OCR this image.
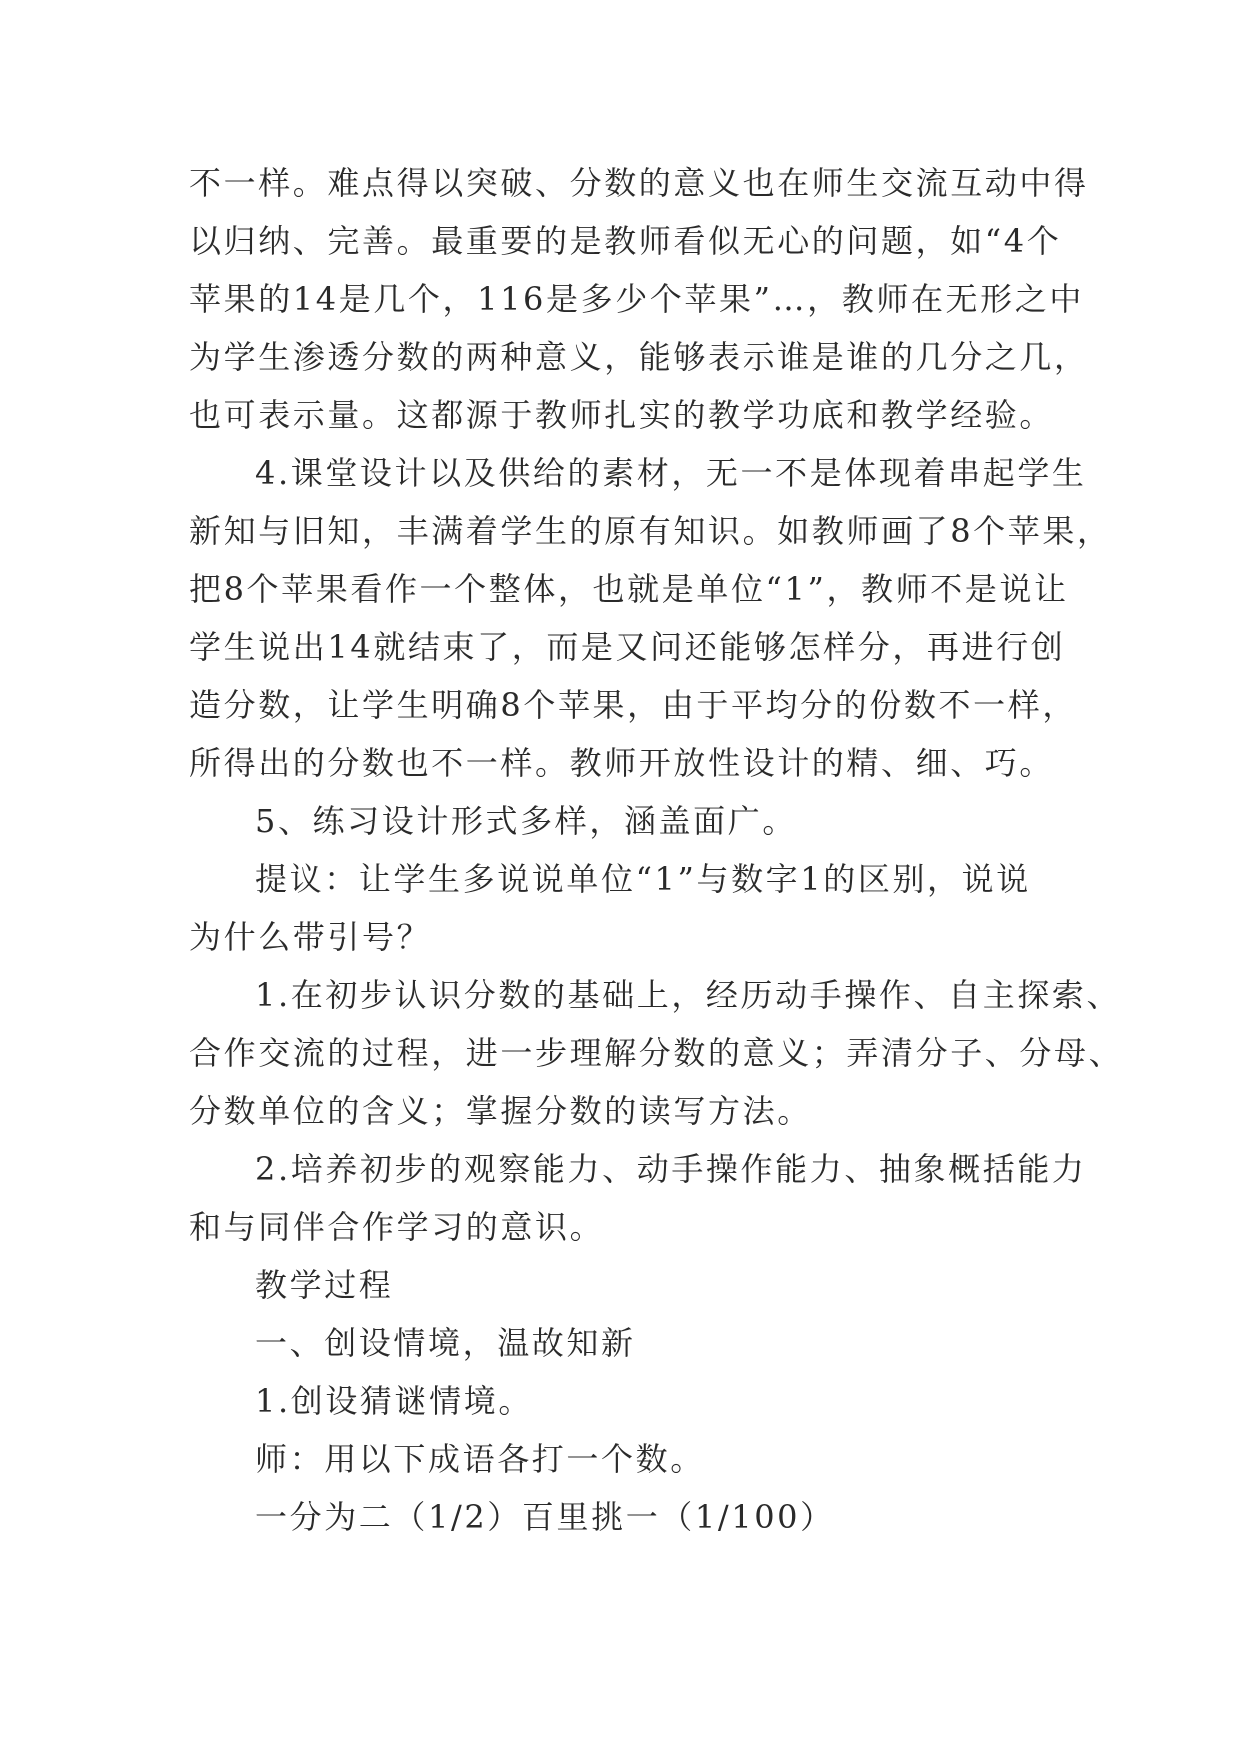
不一样。难点得以突破、分数的意义也在师生交流互动中得
以归纳、完善。最重要的是教师看似无心的问题，如“4个
苹果的14是几个，116是多少个苹果”…，教师在无形之中
为学生渗透分数的两种意义，能够表示谁是谁的几分之几，
也可表示量。这都源于教师扎实的教学功底和教学经验。
4.课堂设计以及供给的素材，无一不是体现着串起学生
新知与旧知，丰满着学生的原有知识。如教师画了8个苹果，
把8个苹果看作一个整体，也就是单位“1”，教师不是说让
学生说出14就结束了，而是又问还能够怎样分，再进行创
造分数，让学生明确8个苹果，由于平均分的份数不一样，
所得出的分数也不一样。教师开放性设计的精、细、巧。
5、练习设计形式多样，涵盖面广。
提议：让学生多说说单位“1”与数字1的区别，说说
为什么带引号？
1.在初步认识分数的基础上，经历动手操作、自主探索、
合作交流的过程，进一步理解分数的意义；弄清分子、分母、
分数单位的含义；掌握分数的读写方法。
2.培养初步的观察能力、动手操作能力、抽象概括能力
和与同伴合作学习的意识。
教学过程
一、创设情境，温故知新
1.创设猜谜情境。
师：用以下成语各打一个数。
一分为二（1/2）百里挑一（1/100）
